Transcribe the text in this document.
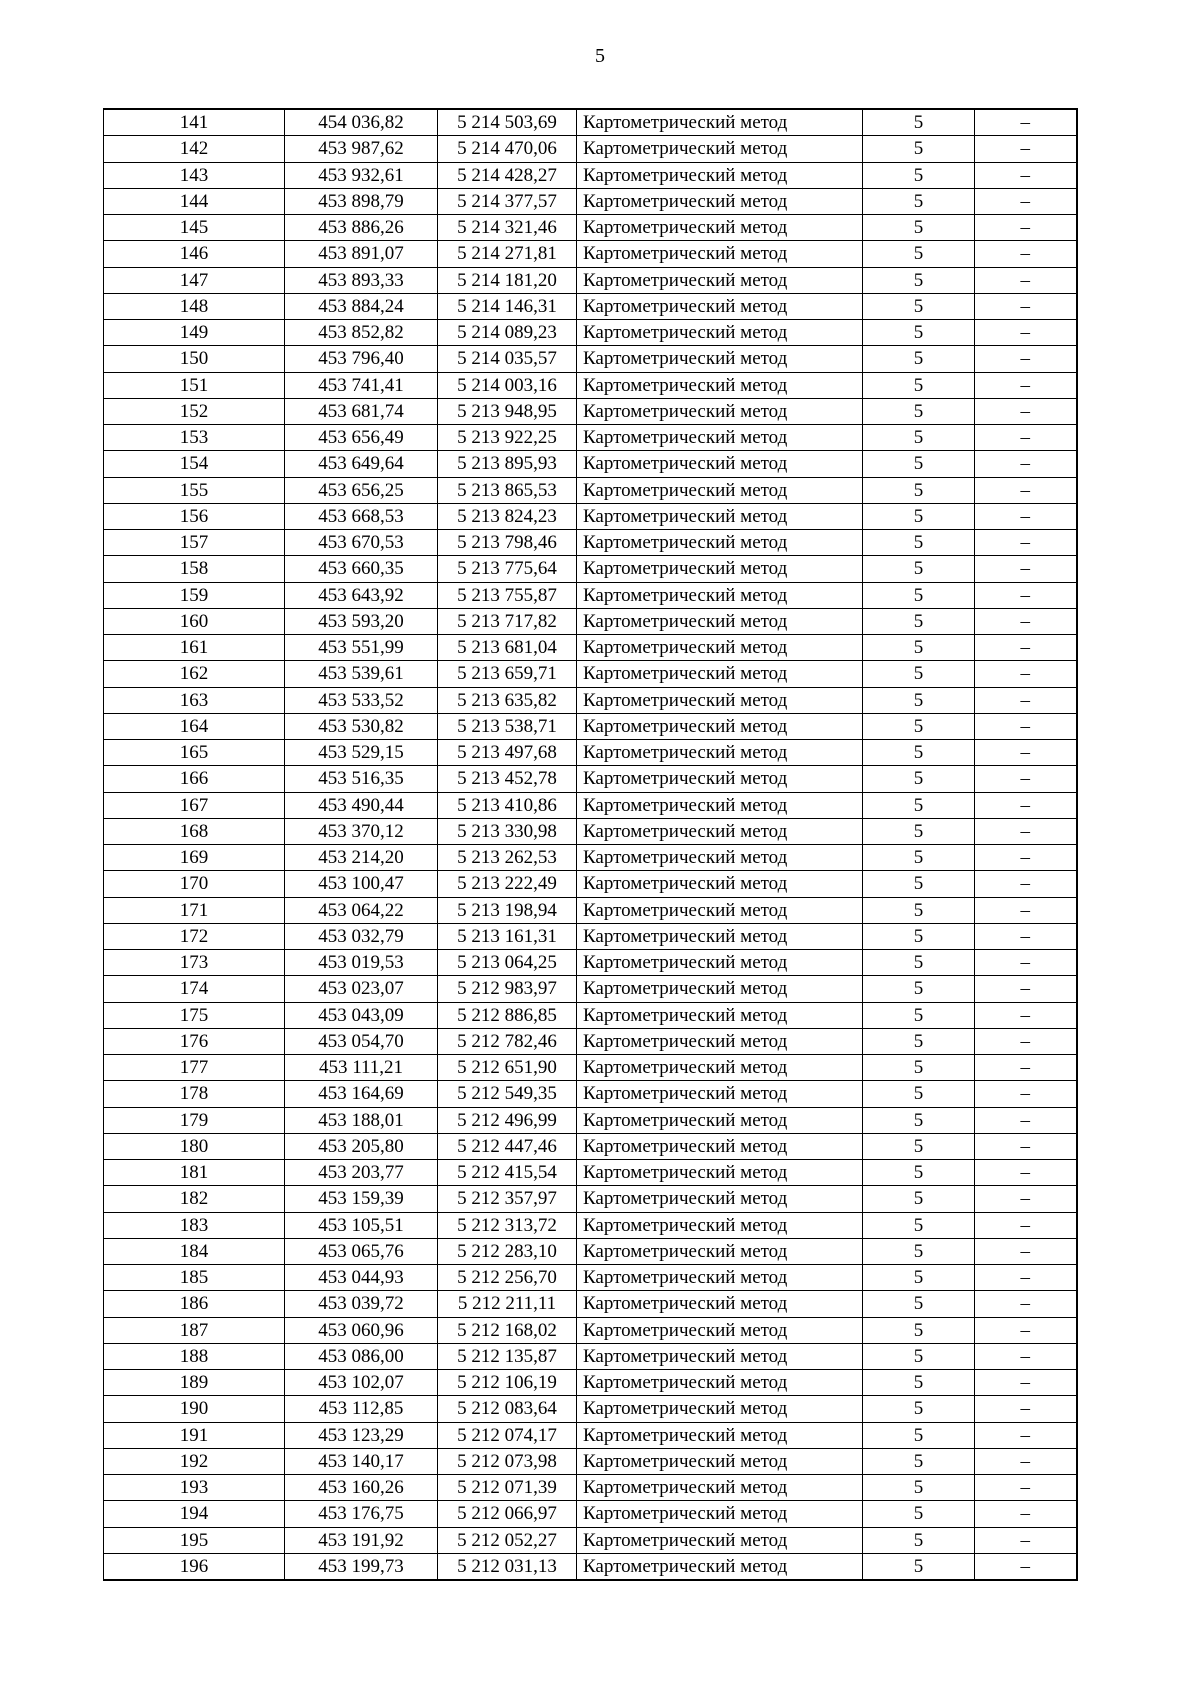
5
141	454 036,82	5 214 503,69	Картометрический метод	5	–
142	453 987,62	5 214 470,06	Картометрический метод	5	–
143	453 932,61	5 214 428,27	Картометрический метод	5	–
144	453 898,79	5 214 377,57	Картометрический метод	5	–
145	453 886,26	5 214 321,46	Картометрический метод	5	–
146	453 891,07	5 214 271,81	Картометрический метод	5	–
147	453 893,33	5 214 181,20	Картометрический метод	5	–
148	453 884,24	5 214 146,31	Картометрический метод	5	–
149	453 852,82	5 214 089,23	Картометрический метод	5	–
150	453 796,40	5 214 035,57	Картометрический метод	5	–
151	453 741,41	5 214 003,16	Картометрический метод	5	–
152	453 681,74	5 213 948,95	Картометрический метод	5	–
153	453 656,49	5 213 922,25	Картометрический метод	5	–
154	453 649,64	5 213 895,93	Картометрический метод	5	–
155	453 656,25	5 213 865,53	Картометрический метод	5	–
156	453 668,53	5 213 824,23	Картометрический метод	5	–
157	453 670,53	5 213 798,46	Картометрический метод	5	–
158	453 660,35	5 213 775,64	Картометрический метод	5	–
159	453 643,92	5 213 755,87	Картометрический метод	5	–
160	453 593,20	5 213 717,82	Картометрический метод	5	–
161	453 551,99	5 213 681,04	Картометрический метод	5	–
162	453 539,61	5 213 659,71	Картометрический метод	5	–
163	453 533,52	5 213 635,82	Картометрический метод	5	–
164	453 530,82	5 213 538,71	Картометрический метод	5	–
165	453 529,15	5 213 497,68	Картометрический метод	5	–
166	453 516,35	5 213 452,78	Картометрический метод	5	–
167	453 490,44	5 213 410,86	Картометрический метод	5	–
168	453 370,12	5 213 330,98	Картометрический метод	5	–
169	453 214,20	5 213 262,53	Картометрический метод	5	–
170	453 100,47	5 213 222,49	Картометрический метод	5	–
171	453 064,22	5 213 198,94	Картометрический метод	5	–
172	453 032,79	5 213 161,31	Картометрический метод	5	–
173	453 019,53	5 213 064,25	Картометрический метод	5	–
174	453 023,07	5 212 983,97	Картометрический метод	5	–
175	453 043,09	5 212 886,85	Картометрический метод	5	–
176	453 054,70	5 212 782,46	Картометрический метод	5	–
177	453 111,21	5 212 651,90	Картометрический метод	5	–
178	453 164,69	5 212 549,35	Картометрический метод	5	–
179	453 188,01	5 212 496,99	Картометрический метод	5	–
180	453 205,80	5 212 447,46	Картометрический метод	5	–
181	453 203,77	5 212 415,54	Картометрический метод	5	–
182	453 159,39	5 212 357,97	Картометрический метод	5	–
183	453 105,51	5 212 313,72	Картометрический метод	5	–
184	453 065,76	5 212 283,10	Картометрический метод	5	–
185	453 044,93	5 212 256,70	Картометрический метод	5	–
186	453 039,72	5 212 211,11	Картометрический метод	5	–
187	453 060,96	5 212 168,02	Картометрический метод	5	–
188	453 086,00	5 212 135,87	Картометрический метод	5	–
189	453 102,07	5 212 106,19	Картометрический метод	5	–
190	453 112,85	5 212 083,64	Картометрический метод	5	–
191	453 123,29	5 212 074,17	Картометрический метод	5	–
192	453 140,17	5 212 073,98	Картометрический метод	5	–
193	453 160,26	5 212 071,39	Картометрический метод	5	–
194	453 176,75	5 212 066,97	Картометрический метод	5	–
195	453 191,92	5 212 052,27	Картометрический метод	5	–
196	453 199,73	5 212 031,13	Картометрический метод	5	–
